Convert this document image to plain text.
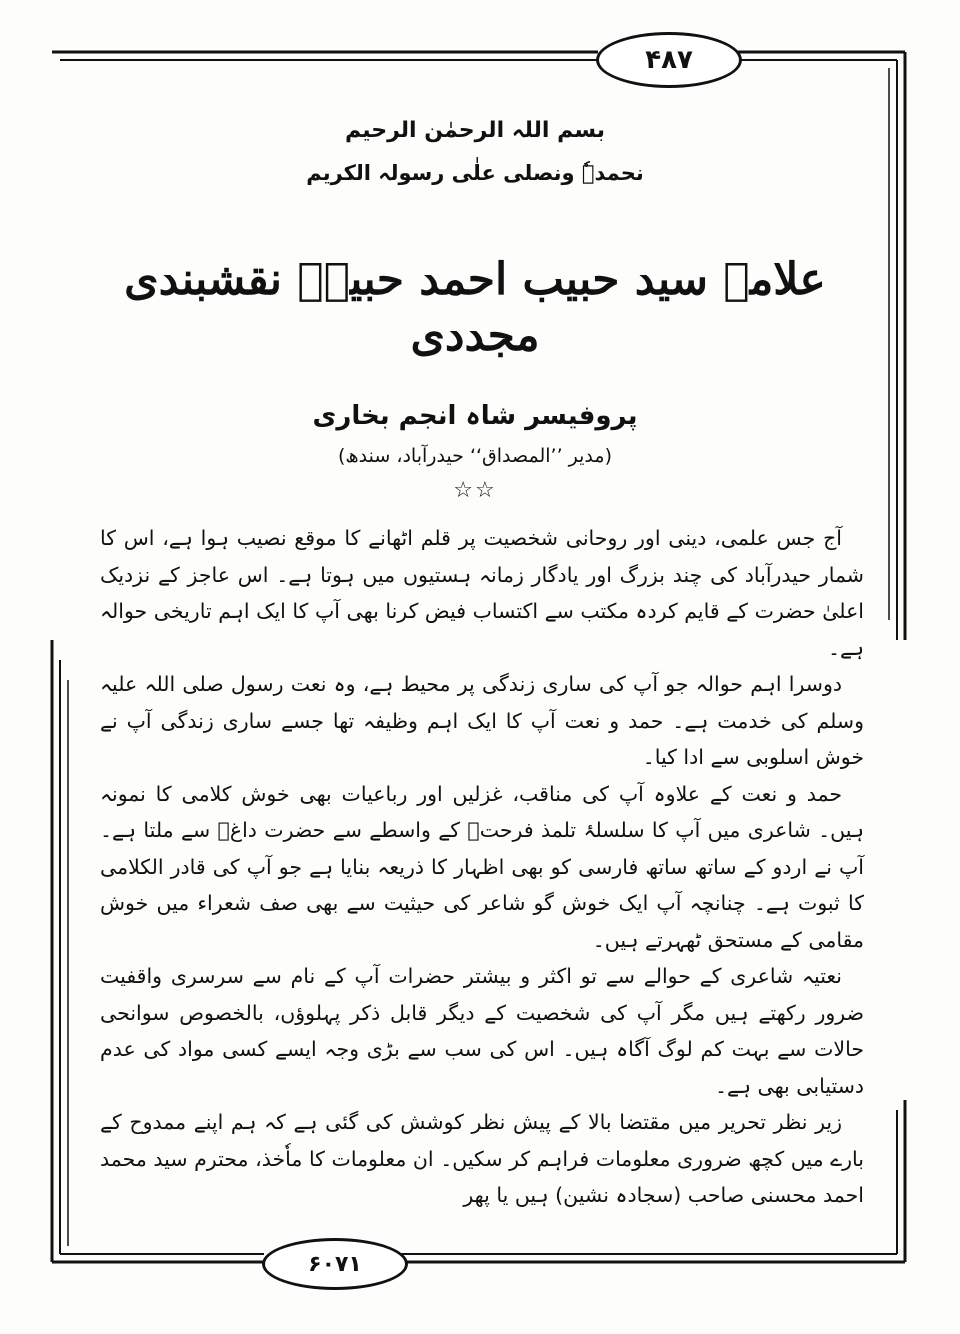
۴۸۷
بسم اللہ الرحمٰن الرحیم
نحمدہٗ ونصلی علٰی رسولہ الکریم
علامہ سید حبیب احمد حبیبؔ نقشبندی مجددی
پروفیسر شاہ انجم بخاری
(مدیر ’’المصداق‘‘ حیدرآباد، سندھ)
☆☆

آج جس علمی، دینی اور روحانی شخصیت پر قلم اٹھانے کا موقع نصیب ہوا ہے، اس کا شمار حیدرآباد کی چند بزرگ اور یادگار زمانہ ہستیوں میں ہوتا ہے۔ اس عاجز کے نزدیک اعلیٰ حضرت کے قایم کردہ مکتب سے اکتساب فیض کرنا بھی آپ کا ایک اہم تاریخی حوالہ ہے۔

دوسرا اہم حوالہ جو آپ کی ساری زندگی پر محیط ہے، وہ نعت رسول صلی اللہ علیہ وسلم کی خدمت ہے۔ حمد و نعت آپ کا ایک اہم وظیفہ تھا جسے ساری زندگی آپ نے خوش اسلوبی سے ادا کیا۔

حمد و نعت کے علاوہ آپ کی مناقب، غزلیں اور رباعیات بھی خوش کلامی کا نمونہ ہیں۔ شاعری میں آپ کا سلسلۂ تلمذ فرحتؔ کے واسطے سے حضرت داغؔ سے ملتا ہے۔ آپ نے اردو کے ساتھ ساتھ فارسی کو بھی اظہار کا ذریعہ بنایا ہے جو آپ کی قادر الکلامی کا ثبوت ہے۔ چنانچہ آپ ایک خوش گو شاعر کی حیثیت سے بھی صف شعراء میں خوش مقامی کے مستحق ٹھہرتے ہیں۔

نعتیہ شاعری کے حوالے سے تو اکثر و بیشتر حضرات آپ کے نام سے سرسری واقفیت ضرور رکھتے ہیں مگر آپ کی شخصیت کے دیگر قابل ذکر پہلوؤں، بالخصوص سوانحی حالات سے بہت کم لوگ آگاہ ہیں۔ اس کی سب سے بڑی وجہ ایسے کسی مواد کی عدم دستیابی بھی ہے۔

زیر نظر تحریر میں مقتضا بالا کے پیش نظر کوشش کی گئی ہے کہ ہم اپنے ممدوح کے بارے میں کچھ ضروری معلومات فراہم کر سکیں۔ ان معلومات کا ماٗخذ، محترم سید محمد احمد محسنی صاحب (سجادہ نشین) ہیں یا پھر

۶۰۷۱
